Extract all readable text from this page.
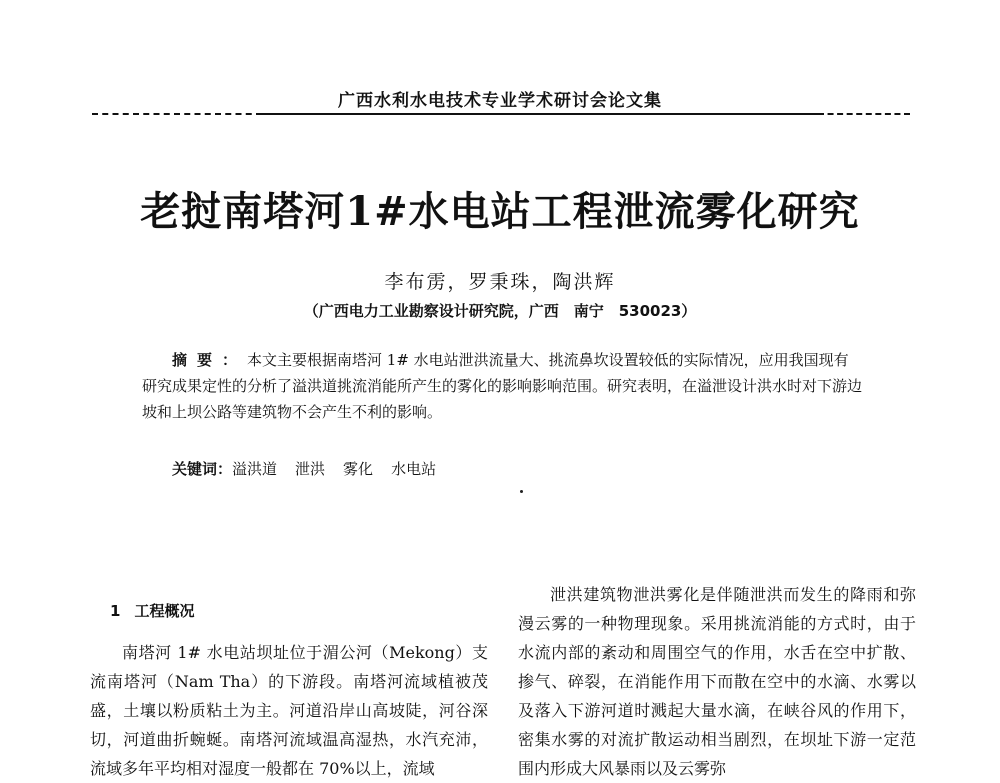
广西水利水电技术专业学术研讨会论文集
老挝南塔河1#水电站工程泄流雾化研究
李布雳，罗秉珠，陶洪辉
（广西电力工业勘察设计研究院，广西　南宁　530023）
摘要：本文主要根据南塔河 1# 水电站泄洪流量大、挑流鼻坎设置较低的实际情况，应用我国现有研究成果定性的分析了溢洪道挑流消能所产生的雾化的影响影响范围。研究表明，在溢泄设计洪水时对下游边坡和上坝公路等建筑物不会产生不利的影响。
关键词：溢洪道 泄洪 雾化 水电站
1 工程概况

南塔河 1# 水电站坝址位于湄公河（Mekong）支流南塔河（Nam Tha）的下游段。南塔河流域植被茂盛，土壤以粉质粘土为主。河道沿岸山高坡陡，河谷深切，河道曲折蜿蜒。南塔河流域温高湿热，水汽充沛，流域多年平均相对湿度一般都在 70%以上，流域

泄洪建筑物泄洪雾化是伴随泄洪而发生的降雨和弥漫云雾的一种物理现象。采用挑流消能的方式时，由于水流内部的紊动和周围空气的作用，水舌在空中扩散、掺气、碎裂，在消能作用下而散在空中的水滴、水雾以及落入下游河道时溅起大量水滴，在峡谷风的作用下，密集水雾的对流扩散运动相当剧烈，在坝址下游一定范围内形成大风暴雨以及云雾弥
